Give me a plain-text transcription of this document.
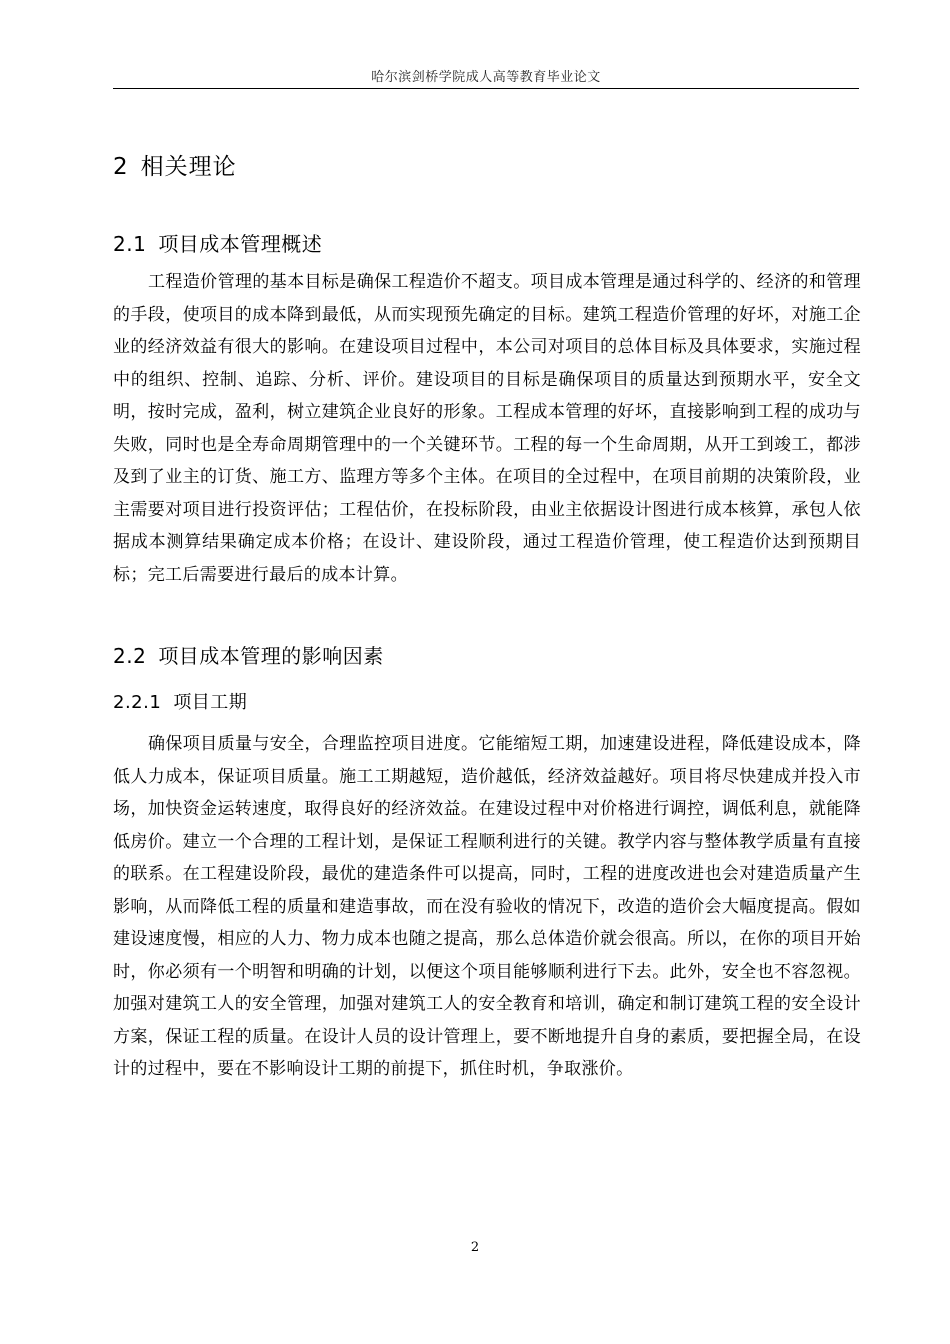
哈尔滨剑桥学院成人高等教育毕业论文
2 相关理论
2.1 项目成本管理概述

工程造价管理的基本目标是确保工程造价不超支。项目成本管理是通过科学的、经济的和管理的手段，使项目的成本降到最低，从而实现预先确定的目标。建筑工程造价管理的好坏，对施工企业的经济效益有很大的影响。在建设项目过程中，本公司对项目的总体目标及具体要求，实施过程中的组织、控制、追踪、分析、评价。建设项目的目标是确保项目的质量达到预期水平，安全文明，按时完成，盈利，树立建筑企业良好的形象。工程成本管理的好坏，直接影响到工程的成功与失败，同时也是全寿命周期管理中的一个关键环节。工程的每一个生命周期，从开工到竣工，都涉及到了业主的订货、施工方、监理方等多个主体。在项目的全过程中，在项目前期的决策阶段，业主需要对项目进行投资评估；工程估价，在投标阶段，由业主依据设计图进行成本核算，承包人依据成本测算结果确定成本价格；在设计、建设阶段，通过工程造价管理，使工程造价达到预期目标；完工后需要进行最后的成本计算。

2.2 项目成本管理的影响因素
2.2.1 项目工期

确保项目质量与安全，合理监控项目进度。它能缩短工期，加速建设进程，降低建设成本，降低人力成本，保证项目质量。施工工期越短，造价越低，经济效益越好。项目将尽快建成并投入市场，加快资金运转速度，取得良好的经济效益。在建设过程中对价格进行调控，调低利息，就能降低房价。建立一个合理的工程计划，是保证工程顺利进行的关键。教学内容与整体教学质量有直接的联系。在工程建设阶段，最优的建造条件可以提高，同时，工程的进度改进也会对建造质量产生影响，从而降低工程的质量和建造事故，而在没有验收的情况下，改造的造价会大幅度提高。假如建设速度慢，相应的人力、物力成本也随之提高，那么总体造价就会很高。所以，在你的项目开始时，你必须有一个明智和明确的计划，以便这个项目能够顺利进行下去。此外，安全也不容忽视。加强对建筑工人的安全管理，加强对建筑工人的安全教育和培训，确定和制订建筑工程的安全设计方案，保证工程的质量。在设计人员的设计管理上，要不断地提升自身的素质，要把握全局，在设计的过程中，要在不影响设计工期的前提下，抓住时机，争取涨价。

2
